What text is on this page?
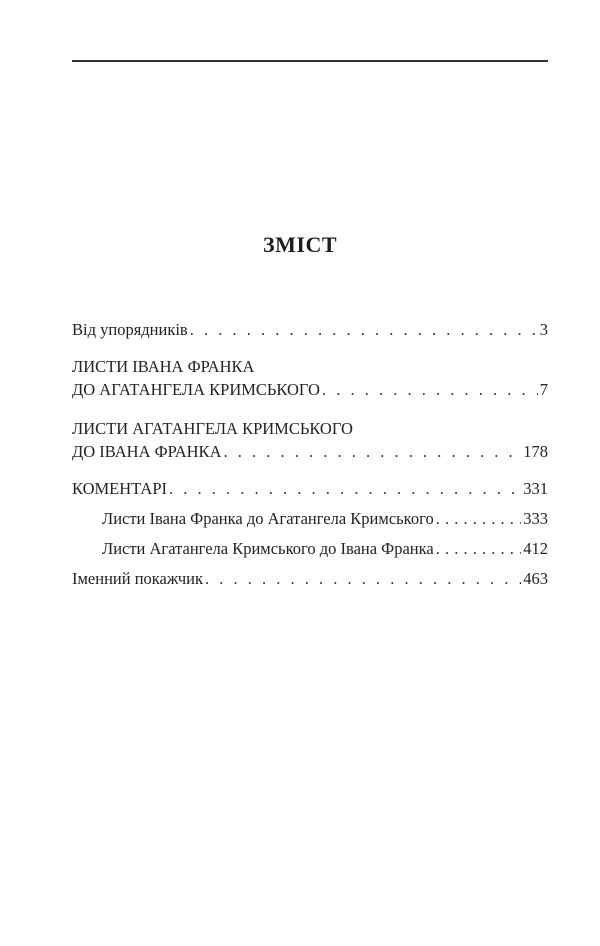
ЗМІСТ
Від упорядників . . .	3
ЛИСТИ ІВАНА ФРАНКА
ДО АГАТАНГЕЛА КРИМСЬКОГО . . .	7
ЛИСТИ АГАТАНГЕЛА КРИМСЬКОГО
ДО ІВАНА ФРАНКА . . .	178
КОМЕНТАРІ . . .	331
Листи Івана Франка до Агатангела Кримського . . .	333
Листи Агатангела Кримського до Івана Франка . . .	412
Іменний покажчик . . .	463
